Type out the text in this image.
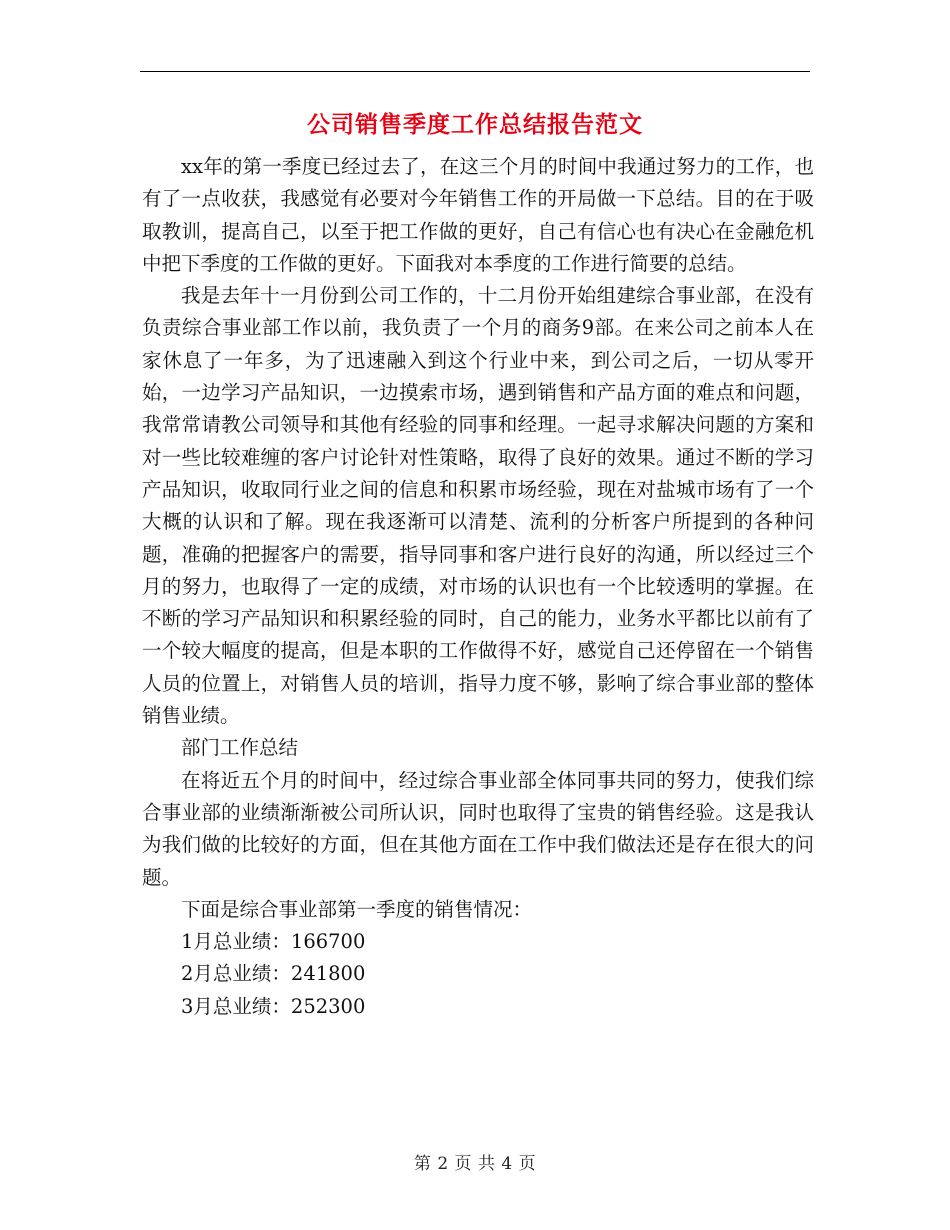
公司销售季度工作总结报告范文

xx年的第一季度已经过去了，在这三个月的时间中我通过努力的工作，也有了一点收获，我感觉有必要对今年销售工作的开局做一下总结。目的在于吸取教训，提高自己，以至于把工作做的更好，自己有信心也有决心在金融危机中把下季度的工作做的更好。下面我对本季度的工作进行简要的总结。

我是去年十一月份到公司工作的，十二月份开始组建综合事业部，在没有负责综合事业部工作以前，我负责了一个月的商务9部。在来公司之前本人在家休息了一年多，为了迅速融入到这个行业中来，到公司之后，一切从零开始，一边学习产品知识，一边摸索市场，遇到销售和产品方面的难点和问题，我常常请教公司领导和其他有经验的同事和经理。一起寻求解决问题的方案和对一些比较难缠的客户讨论针对性策略，取得了良好的效果。通过不断的学习产品知识，收取同行业之间的信息和积累市场经验，现在对盐城市场有了一个大概的认识和了解。现在我逐渐可以清楚、流利的分析客户所提到的各种问题，准确的把握客户的需要，指导同事和客户进行良好的沟通，所以经过三个月的努力，也取得了一定的成绩，对市场的认识也有一个比较透明的掌握。在不断的学习产品知识和积累经验的同时，自己的能力，业务水平都比以前有了一个较大幅度的提高，但是本职的工作做得不好，感觉自己还停留在一个销售人员的位置上，对销售人员的培训，指导力度不够，影响了综合事业部的整体销售业绩。

部门工作总结

在将近五个月的时间中，经过综合事业部全体同事共同的努力，使我们综合事业部的业绩渐渐被公司所认识，同时也取得了宝贵的销售经验。这是我认为我们做的比较好的方面，但在其他方面在工作中我们做法还是存在很大的问题。

下面是综合事业部第一季度的销售情况：

1月总业绩：166700

2月总业绩：241800

3月总业绩：252300

第 2 页 共 4 页
